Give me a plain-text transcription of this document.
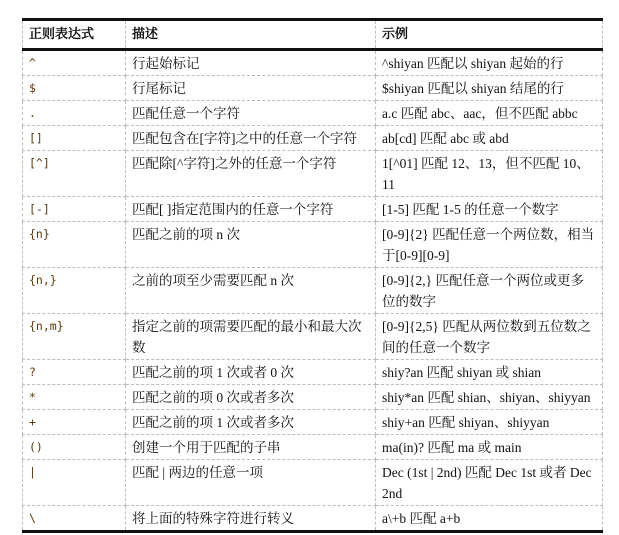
正则表达式	描述	示例
^	行起始标记	^shiyan 匹配以 shiyan 起始的行
$	行尾标记	$shiyan 匹配以 shiyan 结尾的行
.	匹配任意一个字符	a.c 匹配 abc、aac，但不匹配 abbc
[]	匹配包含在[字符]之中的任意一个字符	ab[cd] 匹配 abc 或 abd
[^]	匹配除[^字符]之外的任意一个字符	1[^01] 匹配 12、13，但不匹配 10、11
[-]	匹配[ ]指定范围内的任意一个字符	[1-5] 匹配 1-5 的任意一个数字
{n}	匹配之前的项 n 次	[0-9]{2} 匹配任意一个两位数，相当于[0-9][0-9]
{n,}	之前的项至少需要匹配 n 次	[0-9]{2,} 匹配任意一个两位或更多位的数字
{n,m}	指定之前的项需要匹配的最小和最大次数	[0-9]{2,5} 匹配从两位数到五位数之间的任意一个数字
?	匹配之前的项 1 次或者 0 次	shiy?an 匹配 shiyan 或 shian
*	匹配之前的项 0 次或者多次	shiy*an 匹配 shian、shiyan、shiyyan
+	匹配之前的项 1 次或者多次	shiy+an 匹配 shiyan、shiyyan
()	创建一个用于匹配的子串	ma(in)? 匹配 ma 或 main
|	匹配 | 两边的任意一项	Dec (1st | 2nd) 匹配 Dec 1st 或者 Dec 2nd
\	将上面的特殊字符进行转义	a\+b 匹配 a+b
